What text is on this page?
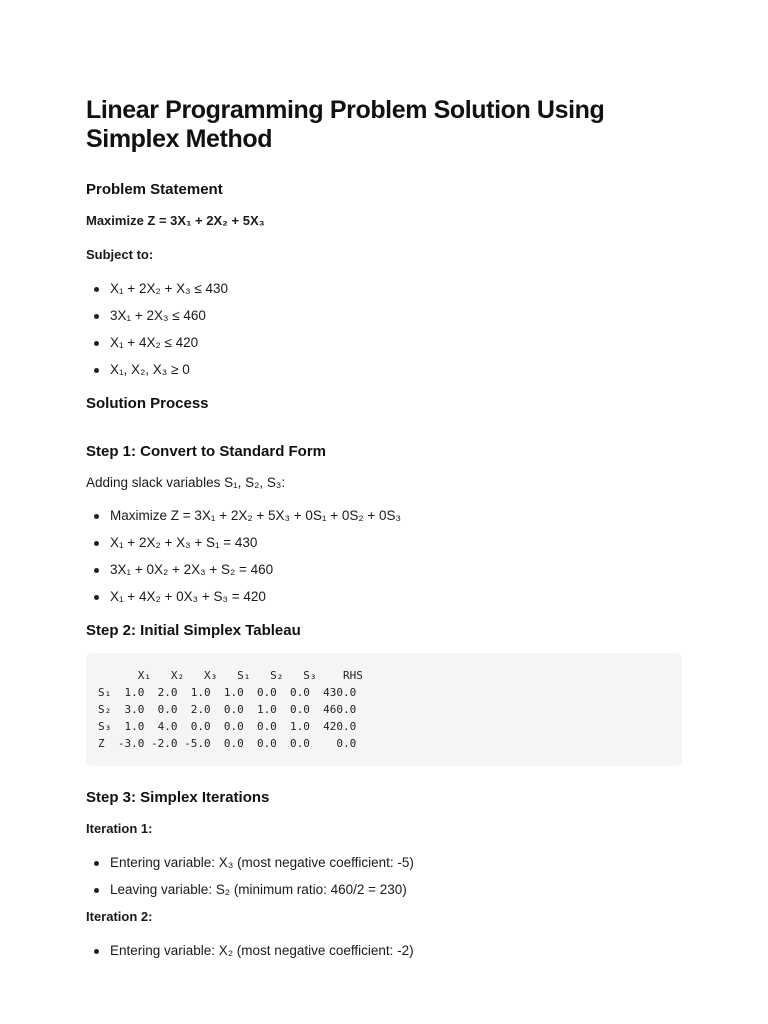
Linear Programming Problem Solution Using Simplex Method
Problem Statement

Maximize Z = 3X₁ + 2X₂ + 5X₃

Subject to:

X₁ + 2X₂ + X₃ ≤ 430
3X₁ + 2X₃ ≤ 460
X₁ + 4X₂ ≤ 420
X₁, X₂, X₃ ≥ 0
Solution Process
Step 1: Convert to Standard Form

Adding slack variables S₁, S₂, S₃:

Maximize Z = 3X₁ + 2X₂ + 5X₃ + 0S₁ + 0S₂ + 0S₃
X₁ + 2X₂ + X₃ + S₁ = 430
3X₁ + 0X₂ + 2X₃ + S₂ = 460
X₁ + 4X₂ + 0X₃ + S₃ = 420
Step 2: Initial Simplex Tableau
X₁   X₂   X₃   S₁   S₂   S₃    RHS
S₁  1.0  2.0  1.0  1.0  0.0  0.0  430.0
S₂  3.0  0.0  2.0  0.0  1.0  0.0  460.0
S₃  1.0  4.0  0.0  0.0  0.0  1.0  420.0
Z  -3.0 -2.0 -5.0  0.0  0.0  0.0    0.0
Step 3: Simplex Iterations

Iteration 1:

Entering variable: X₃ (most negative coefficient: -5)
Leaving variable: S₂ (minimum ratio: 460/2 = 230)

Iteration 2:

Entering variable: X₂ (most negative coefficient: -2)
